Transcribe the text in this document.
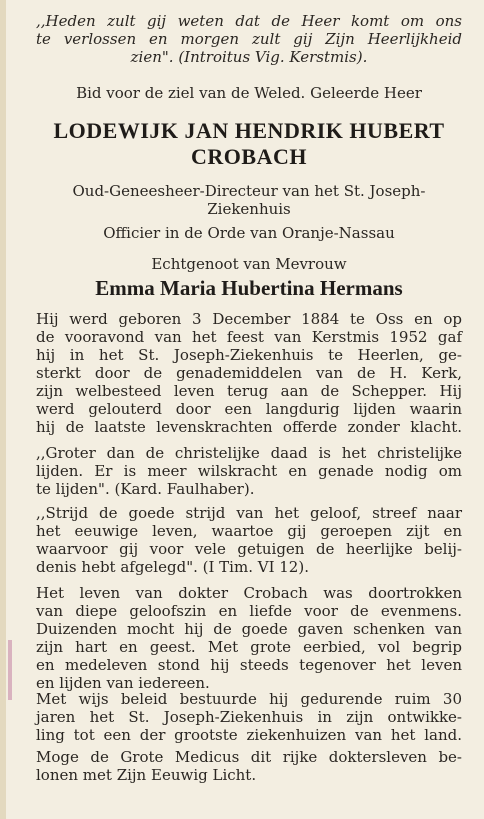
,,Heden zult gij weten dat de Heer komt om ons
te verlossen en morgen zult gij Zijn Heerlijkheid
zien". (Introitus Vig. Kerstmis).

Bid voor de ziel van de Weled. Geleerde Heer

LODEWIJK JAN HENDRIK HUBERT
CROBACH
Oud-Geneesheer-Directeur van het St. Joseph-
Ziekenhuis

Officier in de Orde van Oranje-Nassau

Echtgenoot van Mevrouw

Emma Maria Hubertina Hermans

Hij werd geboren 3 December 1884 te Oss en op
de vooravond van het feest van Kerstmis 1952 gaf
hij in het St. Joseph-Ziekenhuis te Heerlen, ge-
sterkt door de genademiddelen van de H. Kerk,
zijn welbesteed leven terug aan de Schepper. Hij
werd gelouterd door een langdurig lijden waarin
hij de laatste levenskrachten offerde zonder klacht.
,,Groter dan de christelijke daad is het christelijke
lijden. Er is meer wilskracht en genade nodig om
te lijden". (Kard. Faulhaber).
,,Strijd de goede strijd van het geloof, streef naar
het eeuwige leven, waartoe gij geroepen zijt en
waarvoor gij voor vele getuigen de heerlijke belij-
denis hebt afgelegd". (I Tim. VI 12).
Het leven van dokter Crobach was doortrokken
van diepe geloofszin en liefde voor de evenmens.
Duizenden mocht hij de goede gaven schenken van
zijn hart en geest. Met grote eerbied, vol begrip
en medeleven stond hij steeds tegenover het leven
en lijden van iedereen.
Met wijs beleid bestuurde hij gedurende ruim 30
jaren het St. Joseph-Ziekenhuis in zijn ontwikke-
ling tot een der grootste ziekenhuizen van het land.
Moge de Grote Medicus dit rijke doktersleven be-
lonen met Zijn Eeuwig Licht.
